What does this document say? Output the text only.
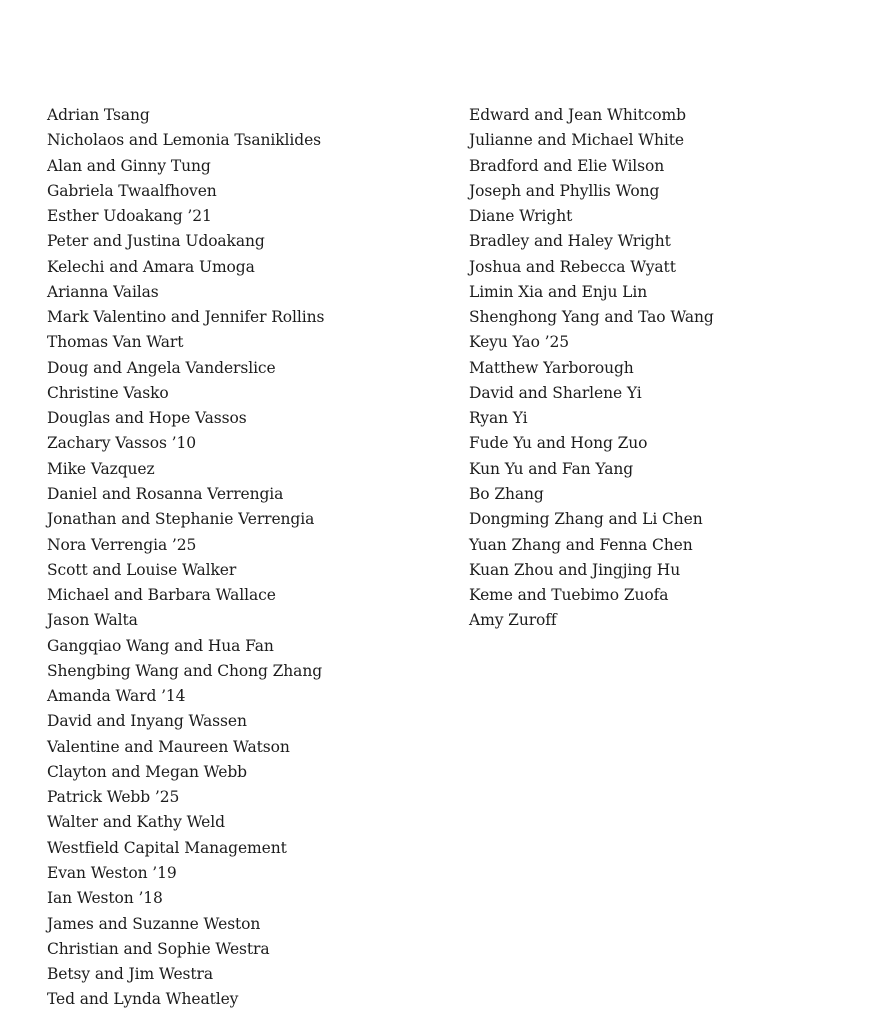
Adrian Tsang
Nicholaos and Lemonia Tsaniklides
Alan and Ginny Tung
Gabriela Twaalfhoven
Esther Udoakang ’21
Peter and Justina Udoakang
Kelechi and Amara Umoga
Arianna Vailas
Mark Valentino and Jennifer Rollins
Thomas Van Wart
Doug and Angela Vanderslice
Christine Vasko
Douglas and Hope Vassos
Zachary Vassos ’10
Mike Vazquez
Daniel and Rosanna Verrengia
Jonathan and Stephanie Verrengia
Nora Verrengia ’25
Scott and Louise Walker
Michael and Barbara Wallace
Jason Walta
Gangqiao Wang and Hua Fan
Shengbing Wang and Chong Zhang
Amanda Ward ’14
David and Inyang Wassen
Valentine and Maureen Watson
Clayton and Megan Webb
Patrick Webb ’25
Walter and Kathy Weld
Westfield Capital Management
Evan Weston ’19
Ian Weston ’18
James and Suzanne Weston
Christian and Sophie Westra
Betsy and Jim Westra
Ted and Lynda Wheatley
Edward and Jean Whitcomb
Julianne and Michael White
Bradford and Elie Wilson
Joseph and Phyllis Wong
Diane Wright
Bradley and Haley Wright
Joshua and Rebecca Wyatt
Limin Xia and Enju Lin
Shenghong Yang and Tao Wang
Keyu Yao ’25
Matthew Yarborough
David and Sharlene Yi
Ryan Yi
Fude Yu and Hong Zuo
Kun Yu and Fan Yang
Bo Zhang
Dongming Zhang and Li Chen
Yuan Zhang and Fenna Chen
Kuan Zhou and Jingjing Hu
Keme and Tuebimo Zuofa
Amy Zuroff
